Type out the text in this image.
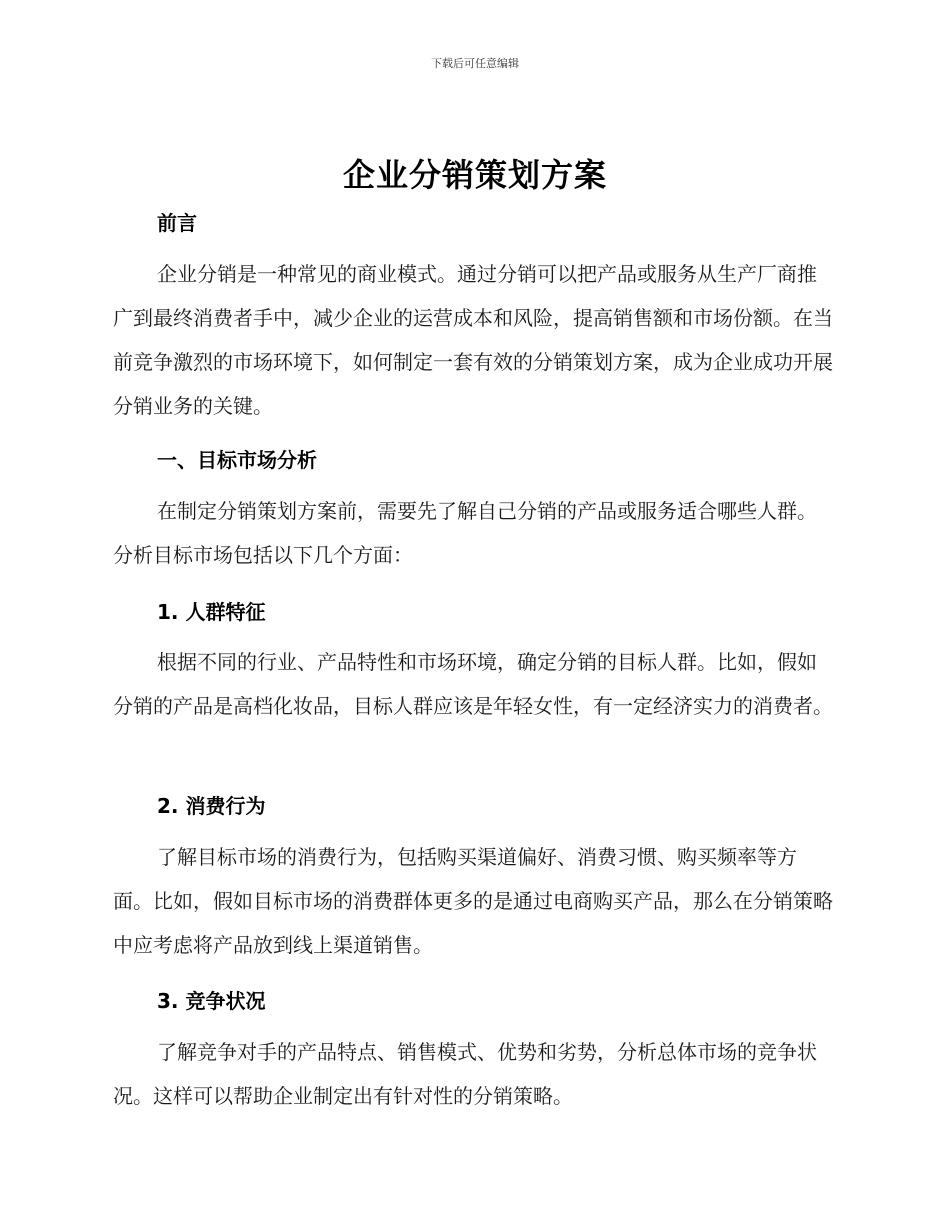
下载后可任意编辑
企业分销策划方案
前言
企业分销是一种常见的商业模式。通过分销可以把产品或服务从生产厂商推广到最终消费者手中，减少企业的运营成本和风险，提高销售额和市场份额。在当前竞争激烈的市场环境下，如何制定一套有效的分销策划方案，成为企业成功开展分销业务的关键。
一、目标市场分析
在制定分销策划方案前，需要先了解自己分销的产品或服务适合哪些人群。分析目标市场包括以下几个方面：
1. 人群特征
根据不同的行业、产品特性和市场环境，确定分销的目标人群。比如，假如分销的产品是高档化妆品，目标人群应该是年轻女性，有一定经济实力的消费者。
2. 消费行为
了解目标市场的消费行为，包括购买渠道偏好、消费习惯、购买频率等方面。比如，假如目标市场的消费群体更多的是通过电商购买产品，那么在分销策略中应考虑将产品放到线上渠道销售。
3. 竞争状况
了解竞争对手的产品特点、销售模式、优势和劣势，分析总体市场的竞争状况。这样可以帮助企业制定出有针对性的分销策略。
